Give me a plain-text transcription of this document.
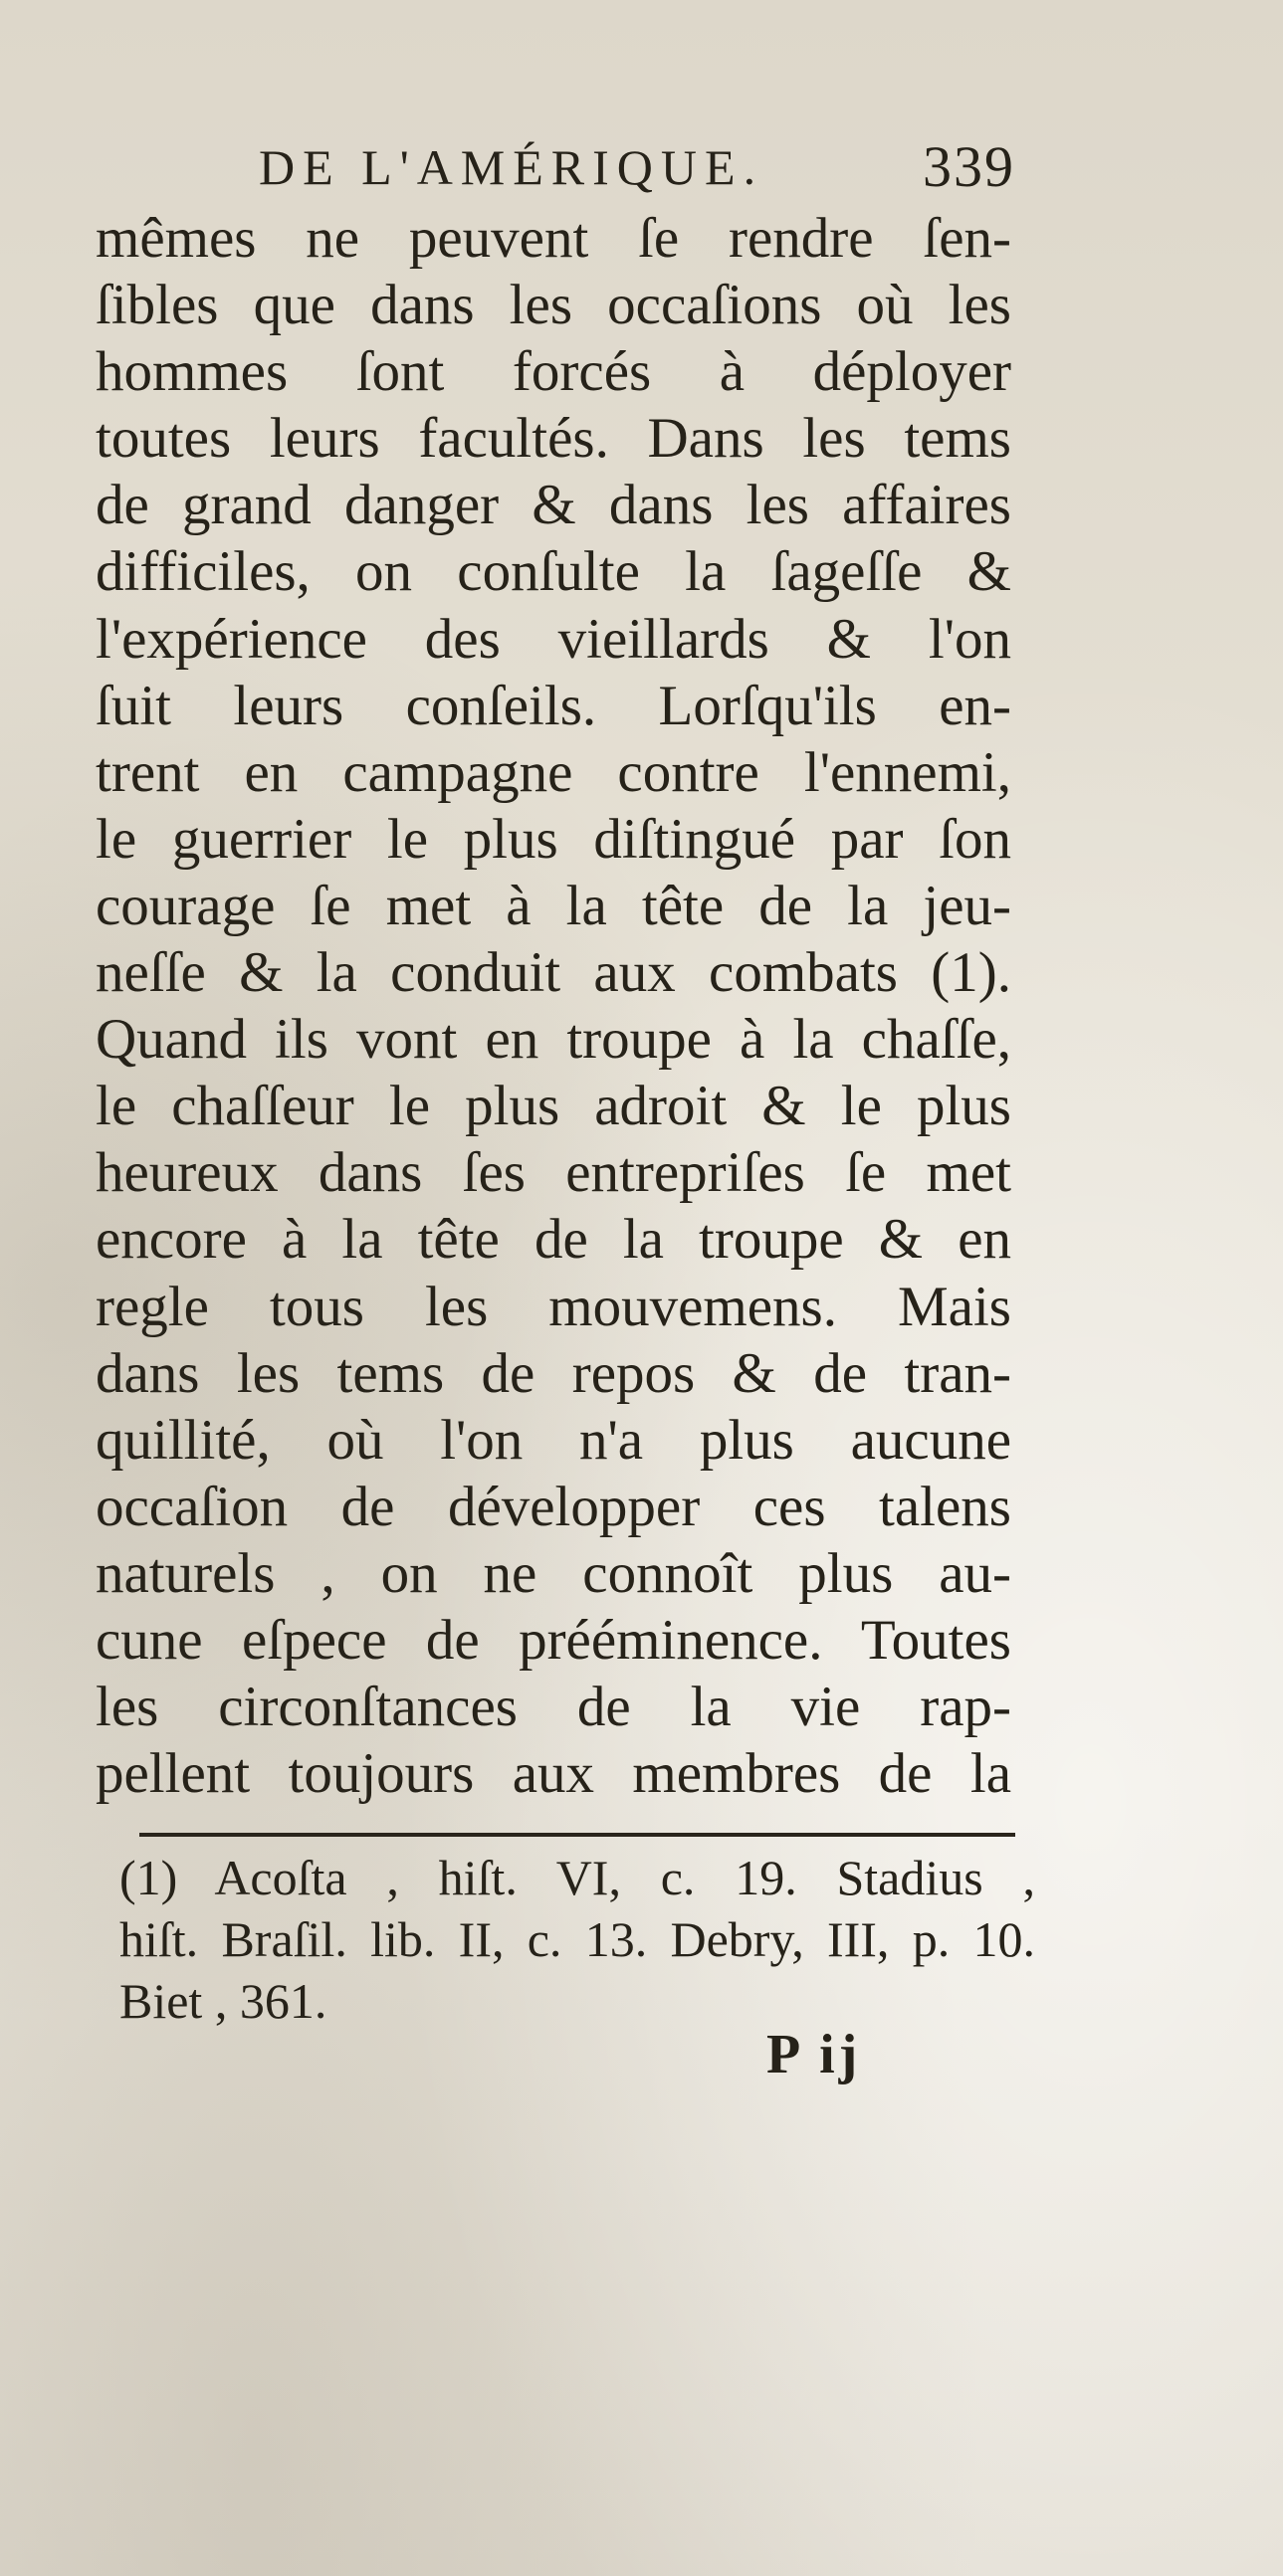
DE L'AMÉRIQUE.	339
mêmes ne peuvent ſe rendre ſen-
ſibles que dans les occaſions où les
hommes ſont forcés à déployer
toutes leurs facultés. Dans les tems
de grand danger & dans les affaires
difficiles, on conſulte la ſageſſe &
l'expérience des vieillards & l'on
ſuit leurs conſeils. Lorſqu'ils en-
trent en campagne contre l'ennemi,
le guerrier le plus diſtingué par ſon
courage ſe met à la tête de la jeu-
neſſe & la conduit aux combats (1).
Quand ils vont en troupe à la chaſſe,
le chaſſeur le plus adroit & le plus
heureux dans ſes entrepriſes ſe met
encore à la tête de la troupe & en
regle tous les mouvemens. Mais
dans les tems de repos & de tran-
quillité, où l'on n'a plus aucune
occaſion de développer ces talens
naturels , on ne connoît plus au-
cune eſpece de prééminence. Toutes
les circonſtances de la vie rap-
pellent toujours aux membres de la
(1) Acoſta , hiſt. VI, c. 19. Stadius ,
hiſt. Braſil. lib. II, c. 13. Debry, III, p. 10.
Biet , 361.
P ij
